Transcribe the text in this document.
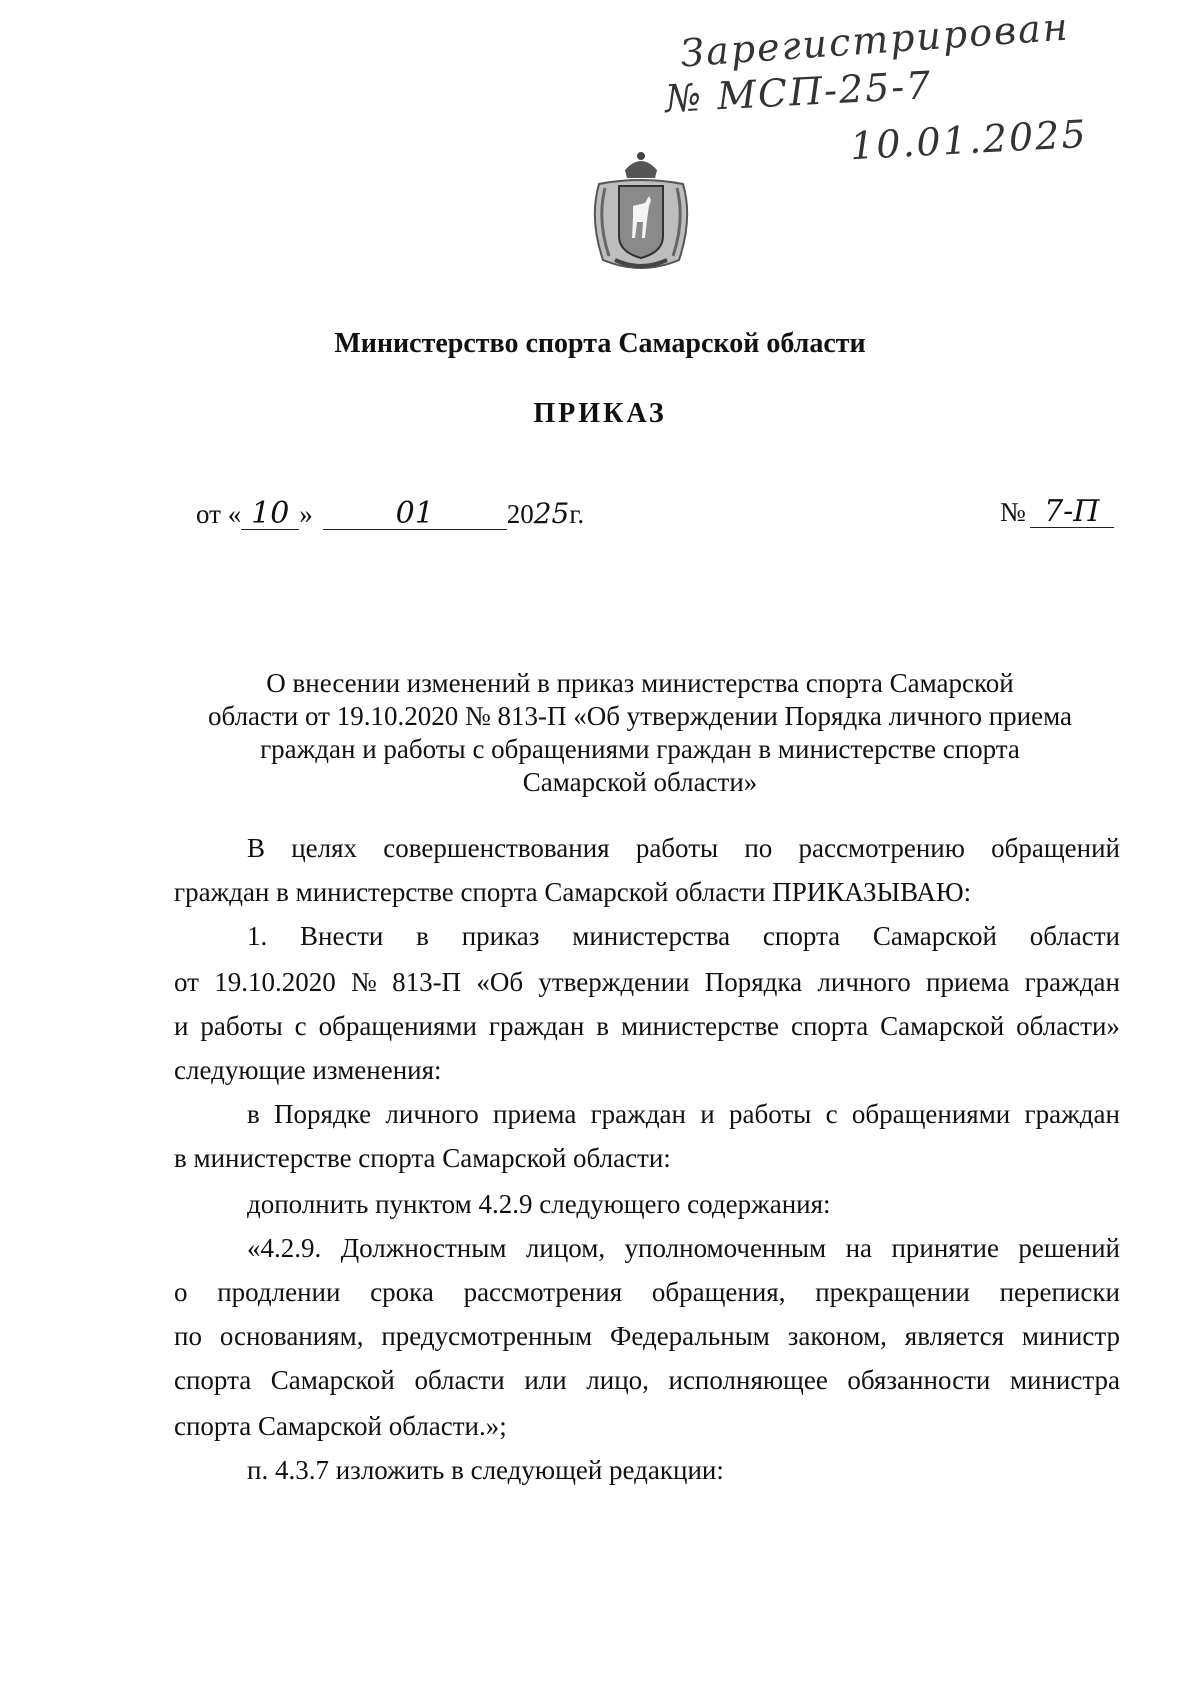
Зарегистрирован
№ МСП-25-7
10.01.2025
Министерство спорта Самарской области
ПРИКАЗ
от « 10 »	01	2025г.	№ 7-П
О внесении изменений в приказ министерства спорта Самарской
области от 19.10.2020 № 813-П «Об утверждении Порядка личного приема
граждан и работы с обращениями граждан в министерстве спорта
Самарской области»
В целях совершенствования работы по рассмотрению обращений
граждан в министерстве спорта Самарской области ПРИКАЗЫВАЮ:
1. Внести в приказ министерства спорта Самарской области
от 19.10.2020 № 813-П «Об утверждении Порядка личного приема граждан
и работы с обращениями граждан в министерстве спорта Самарской области»
следующие изменения:
в Порядке личного приема граждан и работы с обращениями граждан
в министерстве спорта Самарской области:
дополнить пунктом 4.2.9 следующего содержания:
«4.2.9. Должностным лицом, уполномоченным на принятие решений
о продлении срока рассмотрения обращения, прекращении переписки
по основаниям, предусмотренным Федеральным законом, является министр
спорта Самарской области или лицо, исполняющее обязанности министра
спорта Самарской области.»;
п. 4.3.7 изложить в следующей редакции:
